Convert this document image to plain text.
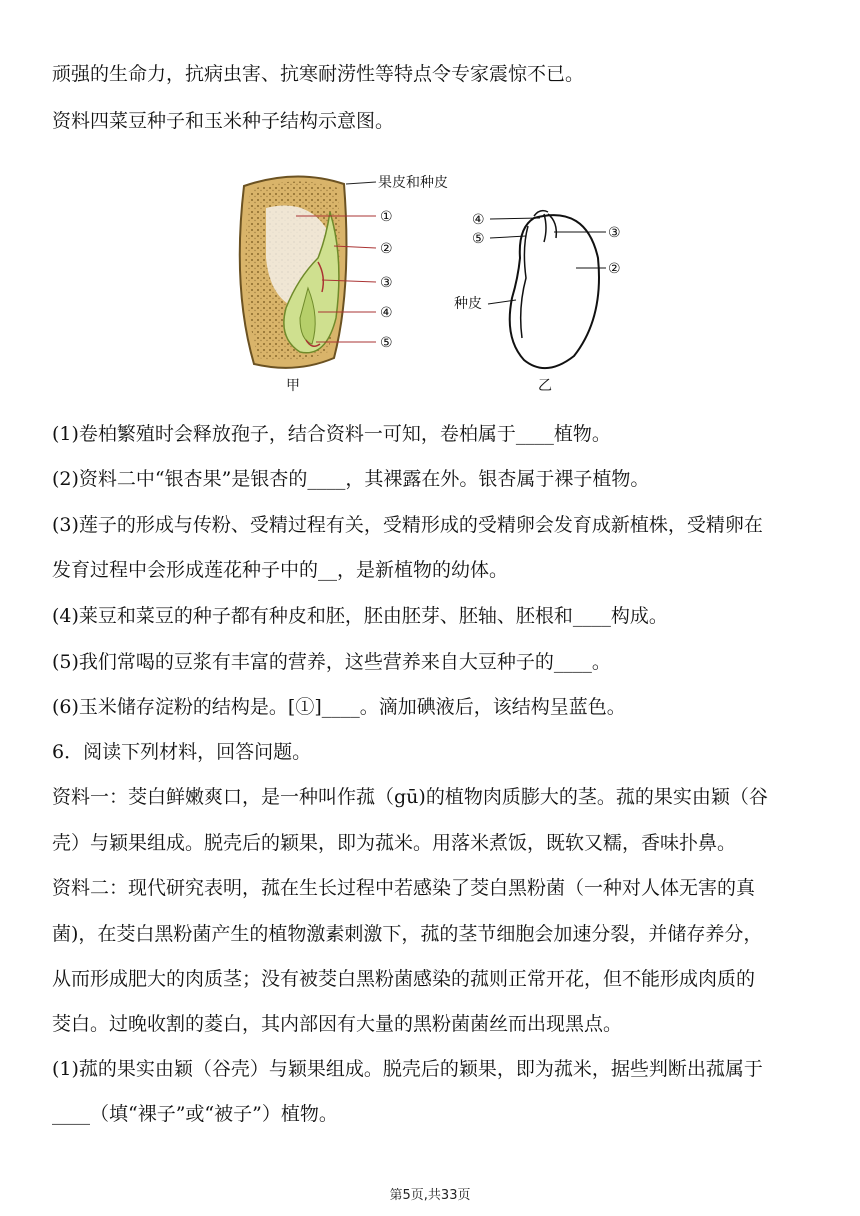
顽强的生命力，抗病虫害、抗寒耐涝性等特点令专家震惊不已。
资料四菜豆种子和玉米种子结构示意图。
果皮和种皮
①
②
③
④
⑤
甲
④
⑤	③
②
种皮
乙
(1)卷柏繁殖时会释放孢子，结合资料一可知，卷柏属于____植物。
(2)资料二中“银杏果”是银杏的____，其裸露在外。银杏属于裸子植物。
(3)莲子的形成与传粉、受精过程有关，受精形成的受精卵会发育成新植株，受精卵在
发育过程中会形成莲花种子中的__，是新植物的幼体。
(4)莱豆和菜豆的种子都有种皮和胚，胚由胚芽、胚轴、胚根和____构成。
(5)我们常喝的豆浆有丰富的营养，这些营养来自大豆种子的____。
(6)玉米储存淀粉的结构是。[①]____。滴加碘液后，该结构呈蓝色。
6．阅读下列材料，回答问题。
资料一：茭白鲜嫩爽口，是一种叫作菰（gū)的植物肉质膨大的茎。菰的果实由颖（谷
壳）与颖果组成。脱壳后的颖果，即为菰米。用落米煮饭，既软又糯，香味扑鼻。
资料二：现代研究表明，菰在生长过程中若感染了茭白黑粉菌（一种对人体无害的真
菌)，在茭白黑粉菌产生的植物激素刺激下，菰的茎节细胞会加速分裂，并储存养分，
从而形成肥大的肉质茎；没有被茭白黑粉菌感染的菰则正常开花，但不能形成肉质的
茭白。过晚收割的菱白，其内部因有大量的黑粉菌菌丝而出现黑点。
(1)菰的果实由颖（谷壳）与颖果组成。脱壳后的颖果，即为菰米，据些判断出菰属于
____（填“裸子”或“被子”）植物。
第5页,共33页
